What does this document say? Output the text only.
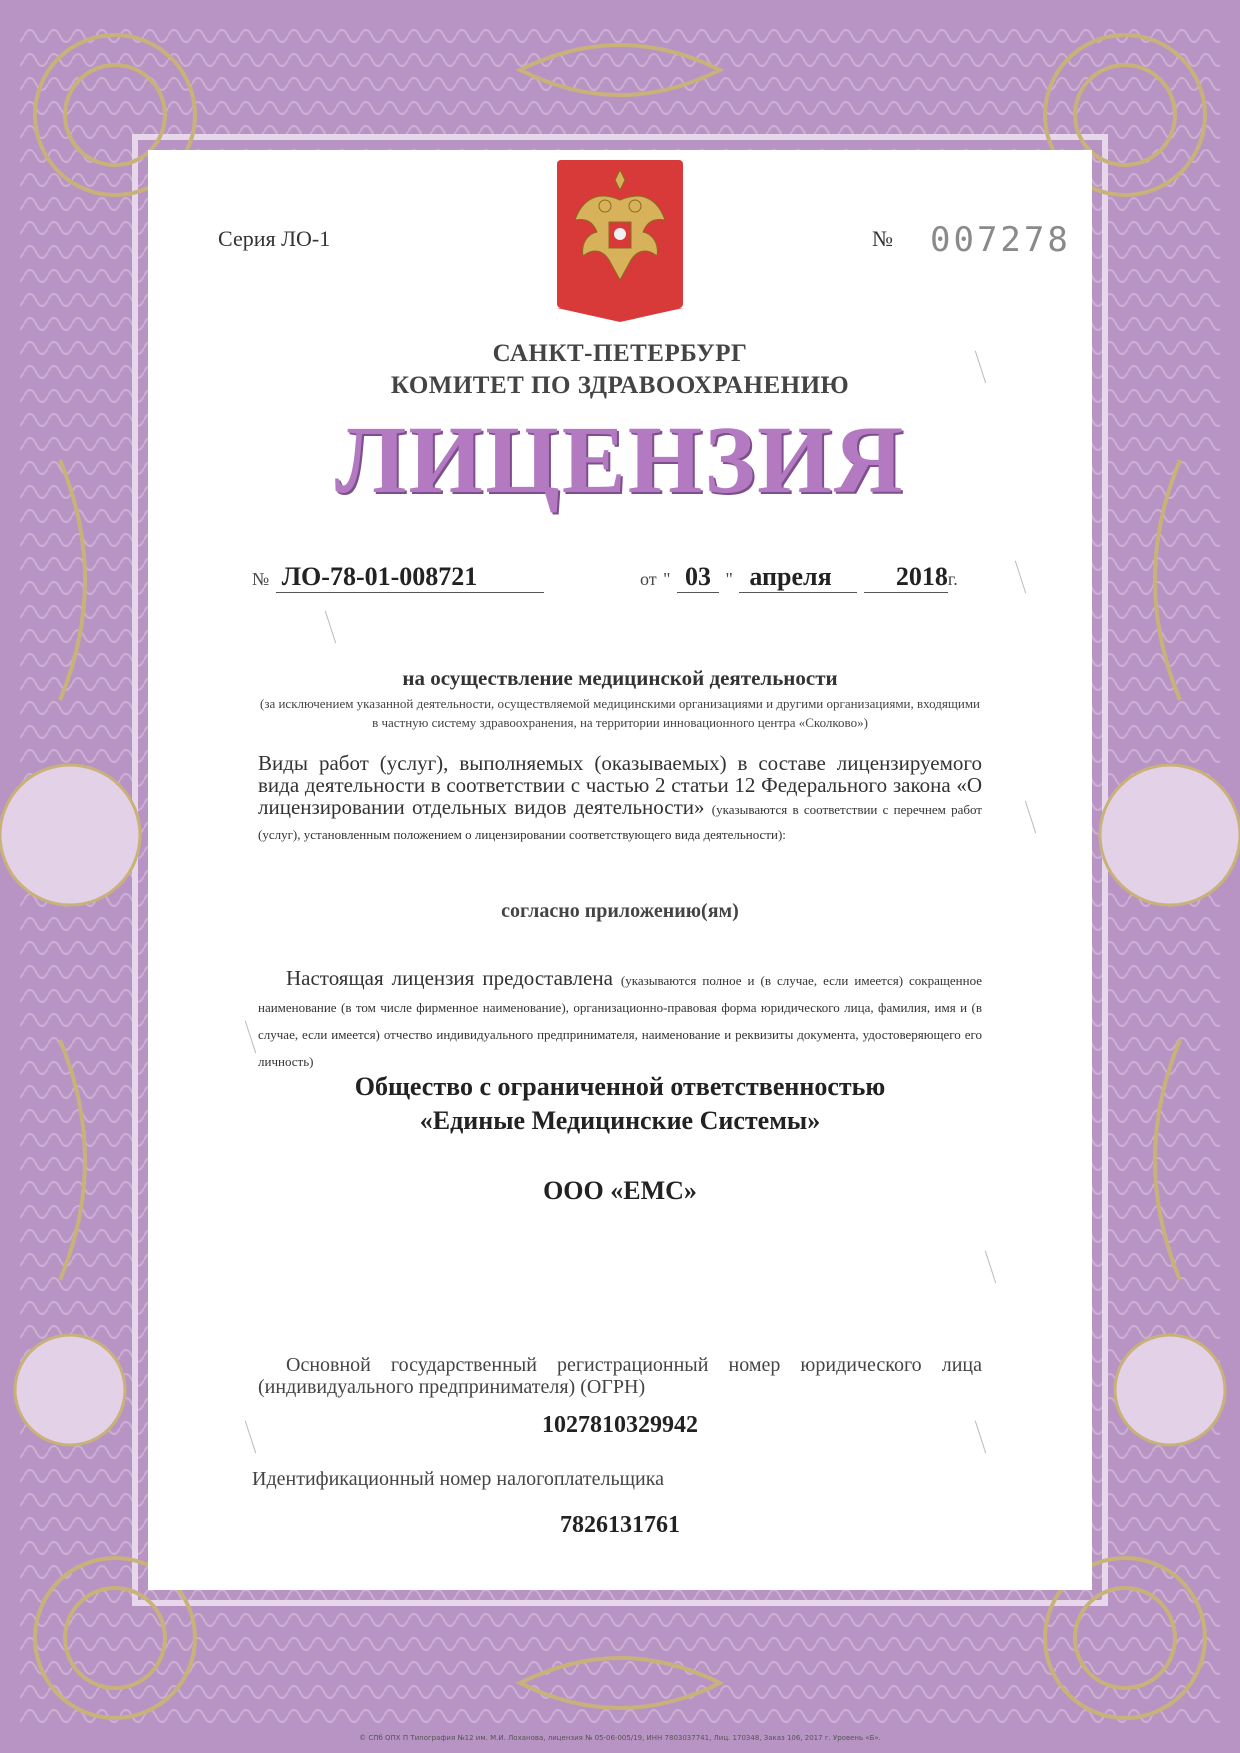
Серия ЛО-1	№ 007278
САНКТ-ПЕТЕРБУРГ
КОМИТЕТ ПО ЗДРАВООХРАНЕНИЮ
ЛИЦЕНЗИЯ
№ ЛО-78-01-008721	от " 03 " апреля 2018г.
на осуществление медицинской деятельности
(за исключением указанной деятельности, осуществляемой медицинскими организациями и другими организациями, входящими в частную систему здравоохранения, на территории инновационного центра «Сколково»)
Виды работ (услуг), выполняемых (оказываемых) в составе лицензируемого вида деятельности в соответствии с частью 2 статьи 12 Федерального закона «О лицензировании отдельных видов деятельности» (указываются в соответствии с перечнем работ (услуг), установленным положением о лицензировании соответствующего вида деятельности):
согласно приложению(ям)
Настоящая лицензия предоставлена (указываются полное и (в случае, если имеется) сокращенное наименование (в том числе фирменное наименование), организационно-правовая форма юридического лица, фамилия, имя и (в случае, если имеется) отчество индивидуального предпринимателя, наименование и реквизиты документа, удостоверяющего его личность)
Общество с ограниченной ответственностью
«Единые Медицинские Системы»
ООО «ЕМС»
Основной государственный регистрационный номер юридического лица (индивидуального предпринимателя) (ОГРН)
1027810329942
Идентификационный номер налогоплательщика
7826131761
© СПб ОПХ П Типография №12 им. М.И. Лоханова, лицензия № 05-06-005/19, ИНН 7803037741, Лиц. 170348, Заказ 106, 2017 г. Уровень «Б».
